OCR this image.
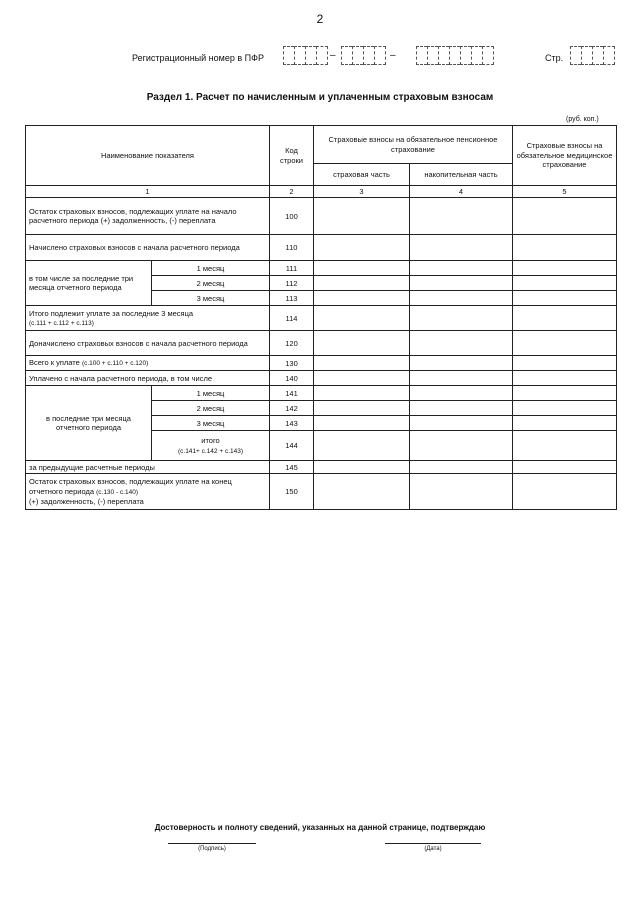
2
Регистрационный номер в ПФР	–	–	Стр.
Раздел 1. Расчет по начисленным и уплаченным страховым взносам
(руб. коп.)
Наименование показателя		Код строки	Страховые взносы на обязательное пенсионное страхование		Страховые взносы на обязательное медицинское страхование
			страховая часть	накопительная часть	
1		2	3	4	5
Остаток страховых взносов, подлежащих уплате на начало расчетного периода (+) задолженность, (-) переплата		100			
Начислено страховых взносов с начала расчетного периода		110			
в том числе за последние три месяца отчетного периода	1 месяц	111			
	2 месяц	112			
	3 месяц	113			
Итого подлежит уплате за последние 3 месяца
(с.111 + с.112 + с.113)		114			
Доначислено страховых взносов с начала расчетного периода		120			
Всего к уплате (с.100 + с.110 + с.120)		130			
Уплачено с начала расчетного периода, в том числе		140			
в последние три месяца отчетного периода	1 месяц	141			
	2 месяц	142			
	3 месяц	143			
	итого
(с.141+ с.142 + с.143)	144			
за предыдущие расчетные периоды		145			
Остаток страховых взносов, подлежащих уплате на конец отчетного периода (с.130 - с.140)
(+) задолженность, (-) переплата		150			
Достоверность и полноту сведений, указанных на данной странице, подтверждаю
(Подпись)	(Дата)
